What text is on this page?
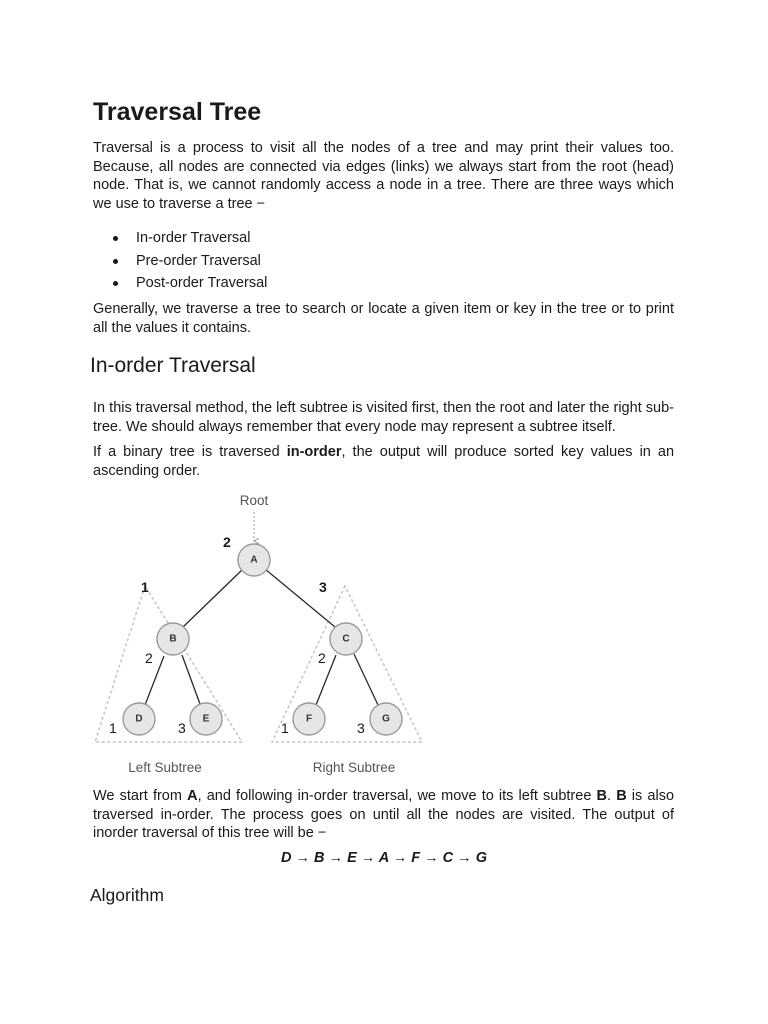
Traversal Tree

Traversal is a process to visit all the nodes of a tree and may print their values too. Because, all nodes are connected via edges (links) we always start from the root (head) node. That is, we cannot randomly access a node in a tree. There are three ways which we use to traverse a tree −

In-order Traversal
Pre-order Traversal
Post-order Traversal

Generally, we traverse a tree to search or locate a given item or key in the tree or to print all the values it contains.

In-order Traversal

In this traversal method, the left subtree is visited first, then the root and later the right sub-tree. We should always remember that every node may represent a subtree itself.

If a binary tree is traversed in-order, the output will produce sorted key values in an ascending order.

Root
A
B	C
D	E	F	G
2
1	3
2
1	3
2
1	3
Left Subtree	Right Subtree

We start from A, and following in-order traversal, we move to its left subtree B. B is also traversed in-order. The process goes on until all the nodes are visited. The output of inorder traversal of this tree will be −

D → B → E → A → F → C → G
Algorithm
